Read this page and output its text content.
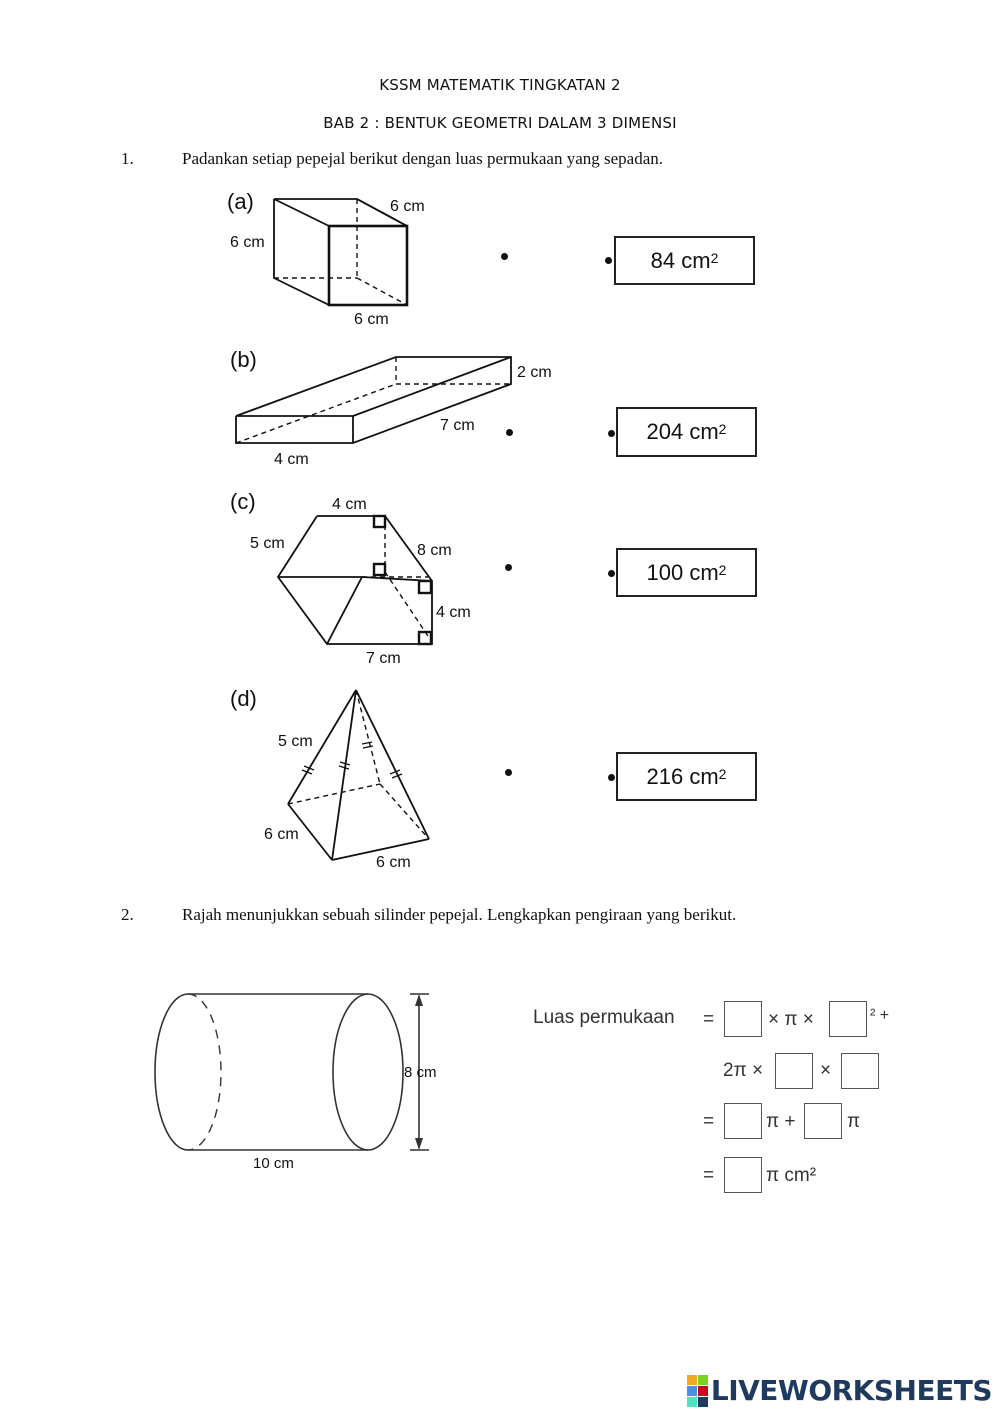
KSSM MATEMATIK TINGKATAN 2
BAB 2 : BENTUK GEOMETRI DALAM 3 DIMENSI
1.	Padankan setiap pepejal berikut dengan luas permukaan yang sepadan.
(a)	6 cm
6 cm
6 cm
(b)
2 cm
7 cm
4 cm
(c)	4 cm
5 cm	8 cm
4 cm
7 cm
(d)
5 cm
6 cm
6 cm
84 $cm^2$
204 $cm^2$
100 $cm^2$
216 $cm^2$
2.	Rajah menunjukkan sebuah silinder pepejal. Lengkapkan pengiraan yang berikut.
8 cm
10 cm
Luas permukaan =	× π ×	² +
2π ×	×
=	π +	π
=	π cm²
LIVEWORKSHEETS
